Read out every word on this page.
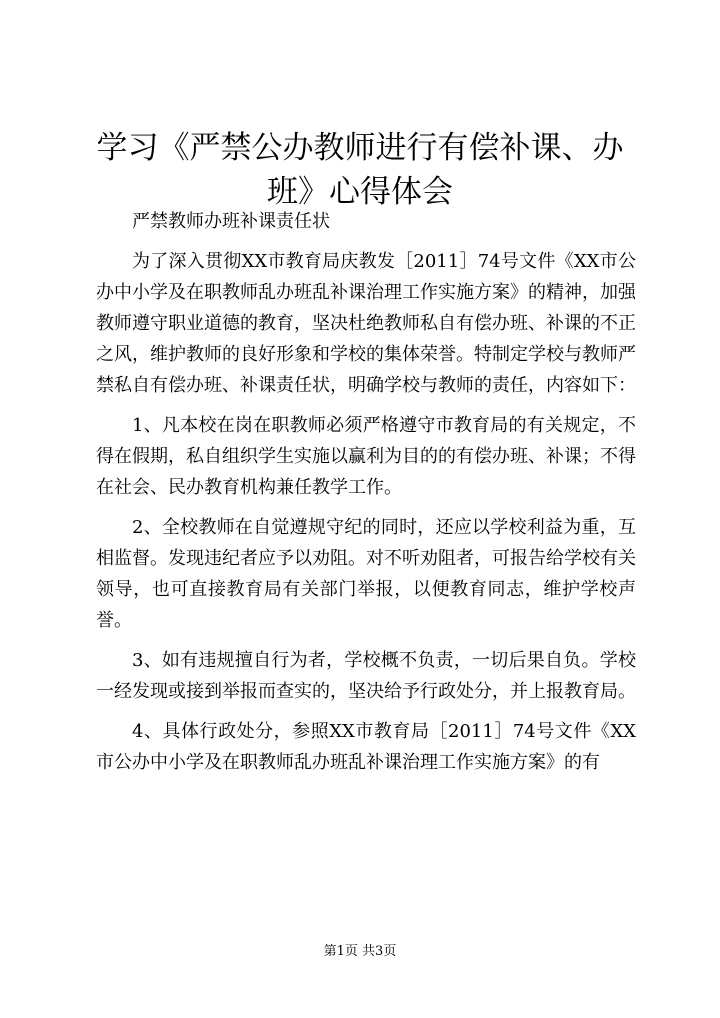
学习《严禁公办教师进行有偿补课、办班》心得体会

严禁教师办班补课责任状

为了深入贯彻XX市教育局庆教发［2011］74号文件《XX市公办中小学及在职教师乱办班乱补课治理工作实施方案》的精神，加强教师遵守职业道德的教育，坚决杜绝教师私自有偿办班、补课的不正之风，维护教师的良好形象和学校的集体荣誉。特制定学校与教师严禁私自有偿办班、补课责任状，明确学校与教师的责任，内容如下：

1、凡本校在岗在职教师必须严格遵守市教育局的有关规定，不得在假期，私自组织学生实施以赢利为目的的有偿办班、补课；不得在社会、民办教育机构兼任教学工作。

2、全校教师在自觉遵规守纪的同时，还应以学校利益为重，互相监督。发现违纪者应予以劝阻。对不听劝阻者，可报告给学校有关领导，也可直接教育局有关部门举报，以便教育同志，维护学校声誉。

3、如有违规擅自行为者，学校概不负责，一切后果自负。学校一经发现或接到举报而查实的，坚决给予行政处分，并上报教育局。

4、具体行政处分，参照XX市教育局［2011］74号文件《XX市公办中小学及在职教师乱办班乱补课治理工作实施方案》的有

第1页 共3页
